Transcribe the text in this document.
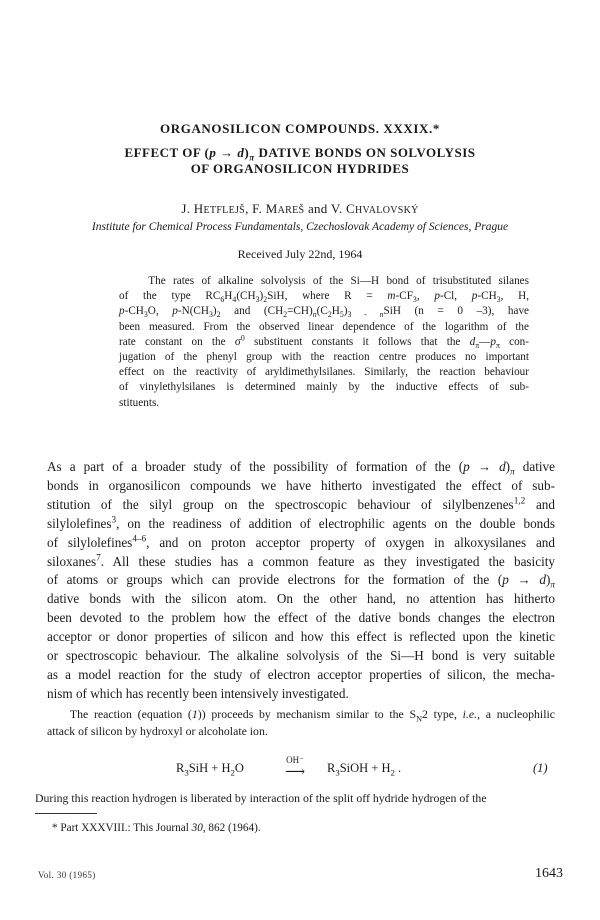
ORGANOSILICON COMPOUNDS. XXXIX.*
EFFECT OF $(p \to d)_\pi$ DATIVE BONDS ON SOLVOLYSIS
OF ORGANOSILICON HYDRIDES
J. HETFLEJŠ, F. MAREŠ and V. CHVALOVSKÝ
Institute for Chemical Process Fundamentals, Czechoslovak Academy of Sciences, Prague
Received July 22nd, 1964
The rates of alkaline solvolysis of the Si—H bond of trisubstituted silanes
of the type $RC_6H_4(CH_3)_2SiH$, where $R = m-CF_3$, p-Cl, $p-CH_3$, H,
$p-CH_3O$, $p-N(CH_3)_2$ and $(CH_2=CH)_n(C_2H_5)_{3 - n}SiH$ (n = 0 –3), have
been measured. From the observed linear dependence of the logarithm of the
rate constant on the $\sigma^0$ substituent constants it follows that the $d_\pi—p_\pi$ con-
jugation of the phenyl group with the reaction centre produces no important
effect on the reactivity of aryldimethylsilanes. Similarly, the reaction behaviour
of vinylethylsilanes is determined mainly by the inductive effects of sub-
stituents.
As a part of a broader study of the possibility of formation of the $(p \to d)_\pi$ dative
bonds in organosilicon compounds we have hitherto investigated the effect of sub-
stitution of the silyl group on the spectroscopic behaviour of silylbenzenes$^{1,2}$ and
silylolefines$^3$, on the readiness of addition of electrophilic agents on the double bonds
of silylolefines$^{4-6}$, and on proton acceptor property of oxygen in alkoxysilanes and
siloxanes$^7$. All these studies has a common feature as they investigated the basicity
of atoms or groups which can provide electrons for the formation of the $(p \to d)_\pi$
dative bonds with the silicon atom. On the other hand, no attention has hitherto
been devoted to the problem how the effect of the dative bonds changes the electron
acceptor or donor properties of silicon and how this effect is reflected upon the kinetic
or spectroscopic behaviour. The alkaline solvolysis of the Si—H bond is very suitable
as a model reaction for the study of electron acceptor properties of silicon, the mecha-
nism of which has recently been intensively investigated.
The reaction (equation (1)) proceeds by mechanism similar to the $S_N2$ type, i.e., a nucleophilic
attack of silicon by hydroxyl or alcoholate ion.
$R_3SiH + H_2O$
OH⁻
⟶	$R_3SiOH + H_2$ .	(1)
During this reaction hydrogen is liberated by interaction of the split off hydride hydrogen of the
* Part XXXVIII.: This Journal 30, 862 (1964).
Vol. 30 (1965)	1643
